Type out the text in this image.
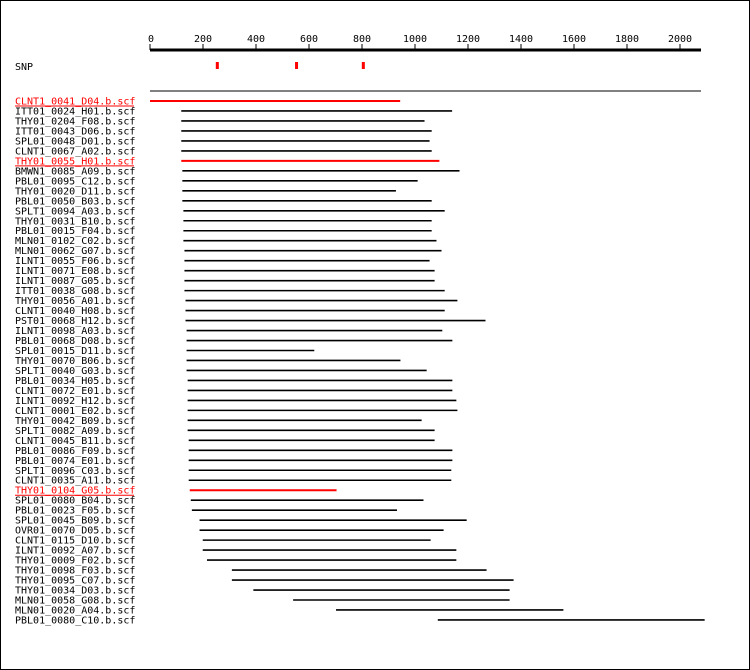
0	200	400	600	800	1000	1200	1400	1600	1800	2000
SNP
CLNT1_0041_D04.b.scf
ITT01_0024_H01.b.scf
THY01_0204_F08.b.scf
ITT01_0043_D06.b.scf
SPL01_0048_D01.b.scf
CLNT1_0067_A02.b.scf
THY01_0055_H01.b.scf
BMWN1_0085_A09.b.scf
PBL01_0095_C12.b.scf
THY01_0020_D11.b.scf
PBL01_0050_B03.b.scf
SPLT1_0094_A03.b.scf
THY01_0031_B10.b.scf
PBL01_0015_F04.b.scf
MLN01_0102_C02.b.scf
MLN01_0062_G07.b.scf
ILNT1_0055_F06.b.scf
ILNT1_0071_E08.b.scf
ILNT1_0087_G05.b.scf
ITT01_0038_G08.b.scf
THY01_0056_A01.b.scf
CLNT1_0040_H08.b.scf
PST01_0068_H12.b.scf
ILNT1_0098_A03.b.scf
PBL01_0068_D08.b.scf
SPL01_0015_D11.b.scf
THY01_0070_B06.b.scf
SPLT1_0040_G03.b.scf
PBL01_0034_H05.b.scf
CLNT1_0072_E01.b.scf
ILNT1_0092_H12.b.scf
CLNT1_0001_E02.b.scf
THY01_0042_B09.b.scf
SPLT1_0082_A09.b.scf
CLNT1_0045_B11.b.scf
PBL01_0086_F09.b.scf
PBL01_0074_E01.b.scf
SPLT1_0096_C03.b.scf
CLNT1_0035_A11.b.scf
THY01_0104_G05.b.scf
SPL01_0080_B04.b.scf
PBL01_0023_F05.b.scf
SPL01_0045_B09.b.scf
OVR01_0070_D05.b.scf
CLNT1_0115_D10.b.scf
ILNT1_0092_A07.b.scf
THY01_0009_F02.b.scf
THY01_0098_F03.b.scf
THY01_0095_C07.b.scf
THY01_0034_D03.b.scf
MLN01_0058_G08.b.scf
MLN01_0020_A04.b.scf
PBL01_0080_C10.b.scf
